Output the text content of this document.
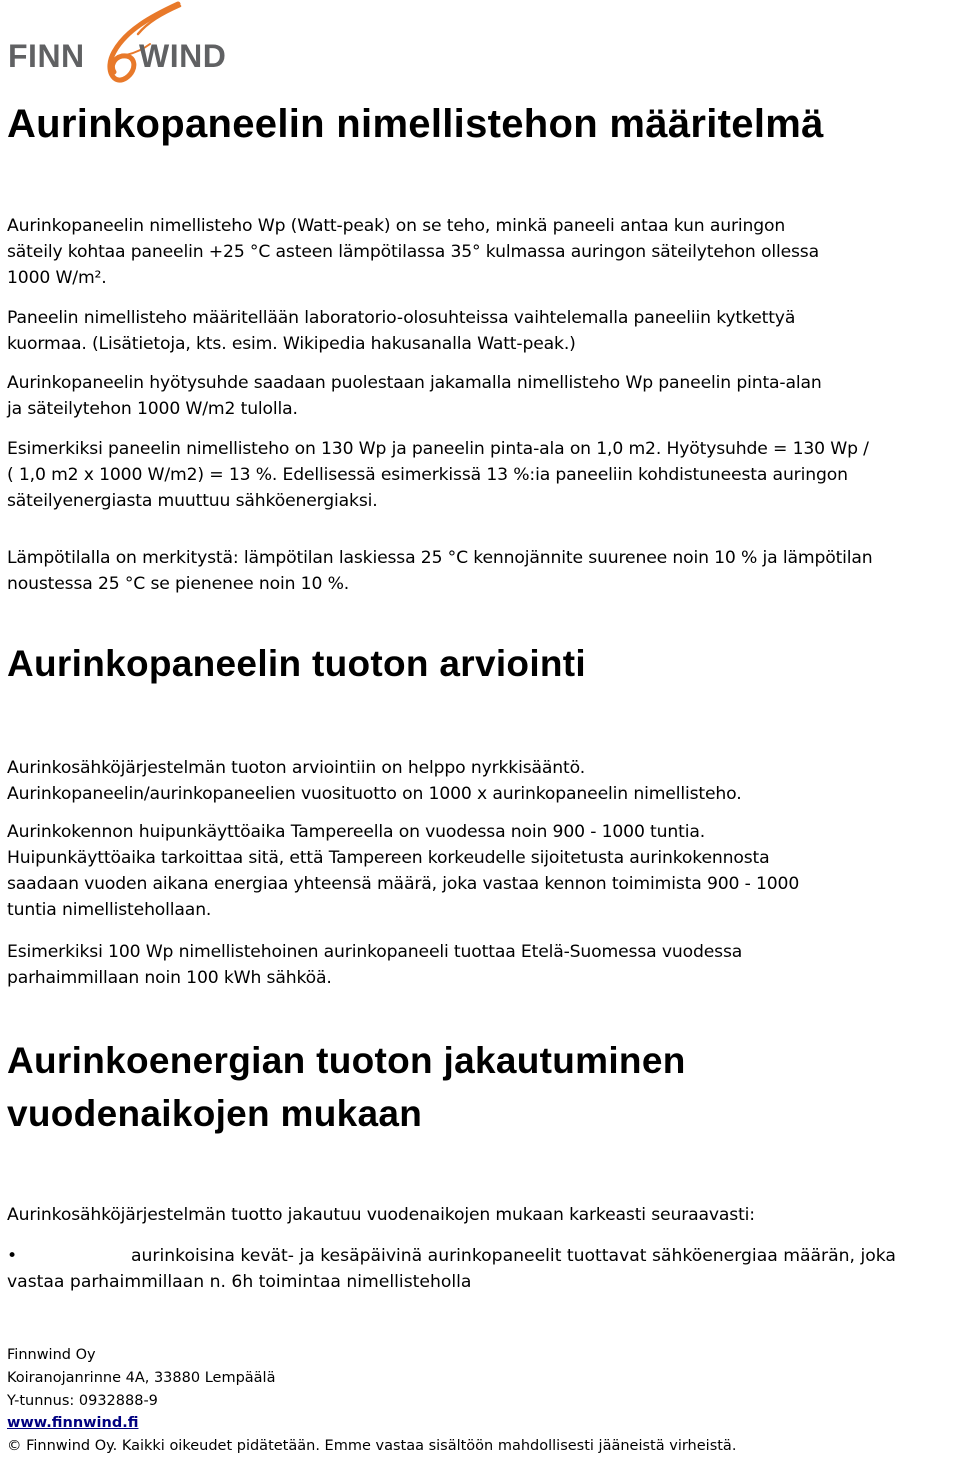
FINN WIND
Aurinkopaneelin nimellistehon määritelmä
Aurinkopaneelin nimellisteho Wp (Watt-peak) on se teho, minkä paneeli antaa kun auringon
säteily kohtaa paneelin +25 °C asteen lämpötilassa 35° kulmassa auringon säteilytehon ollessa
1000 W/m².
Paneelin nimellisteho määritellään laboratorio-olosuhteissa vaihtelemalla paneeliin kytkettyä
kuormaa. (Lisätietoja, kts. esim. Wikipedia hakusanalla Watt-peak.)
Aurinkopaneelin hyötysuhde saadaan puolestaan jakamalla nimellisteho Wp paneelin pinta-alan
ja säteilytehon 1000 W/m2 tulolla.
Esimerkiksi paneelin nimellisteho on 130 Wp ja paneelin pinta-ala on 1,0 m2. Hyötysuhde = 130 Wp /
( 1,0 m2 x 1000 W/m2) = 13 %. Edellisessä esimerkissä 13 %:ia paneeliin kohdistuneesta auringon
säteilyenergiasta muuttuu sähköenergiaksi.
Lämpötilalla on merkitystä: lämpötilan laskiessa 25 °C kennojännite suurenee noin 10 % ja lämpötilan
noustessa 25 °C se pienenee noin 10 %.
Aurinkopaneelin tuoton arviointi
Aurinkosähköjärjestelmän tuoton arviointiin on helppo nyrkkisääntö.
Aurinkopaneelin/aurinkopaneelien vuosituotto on 1000 x aurinkopaneelin nimellisteho.
Aurinkokennon huipunkäyttöaika Tampereella on vuodessa noin 900 - 1000 tuntia.
Huipunkäyttöaika tarkoittaa sitä, että Tampereen korkeudelle sijoitetusta aurinkokennosta
saadaan vuoden aikana energiaa yhteensä määrä, joka vastaa kennon toimimista 900 - 1000
tuntia nimellistehollaan.
Esimerkiksi 100 Wp nimellistehoinen aurinkopaneeli tuottaa Etelä-Suomessa vuodessa
parhaimmillaan noin 100 kWh sähköä.
Aurinkoenergian tuoton jakautuminen
vuodenaikojen mukaan
Aurinkosähköjärjestelmän tuotto jakautuu vuodenaikojen mukaan karkeasti seuraavasti:
•	aurinkoisina kevät- ja kesäpäivinä aurinkopaneelit tuottavat sähköenergiaa määrän, joka
vastaa parhaimmillaan n. 6h toimintaa nimellisteholla
Finnwind Oy
Koiranojanrinne 4A, 33880 Lempäälä
Y-tunnus: 0932888-9
www.finnwind.fi
© Finnwind Oy. Kaikki oikeudet pidätetään. Emme vastaa sisältöön mahdollisesti jääneistä virheistä.
